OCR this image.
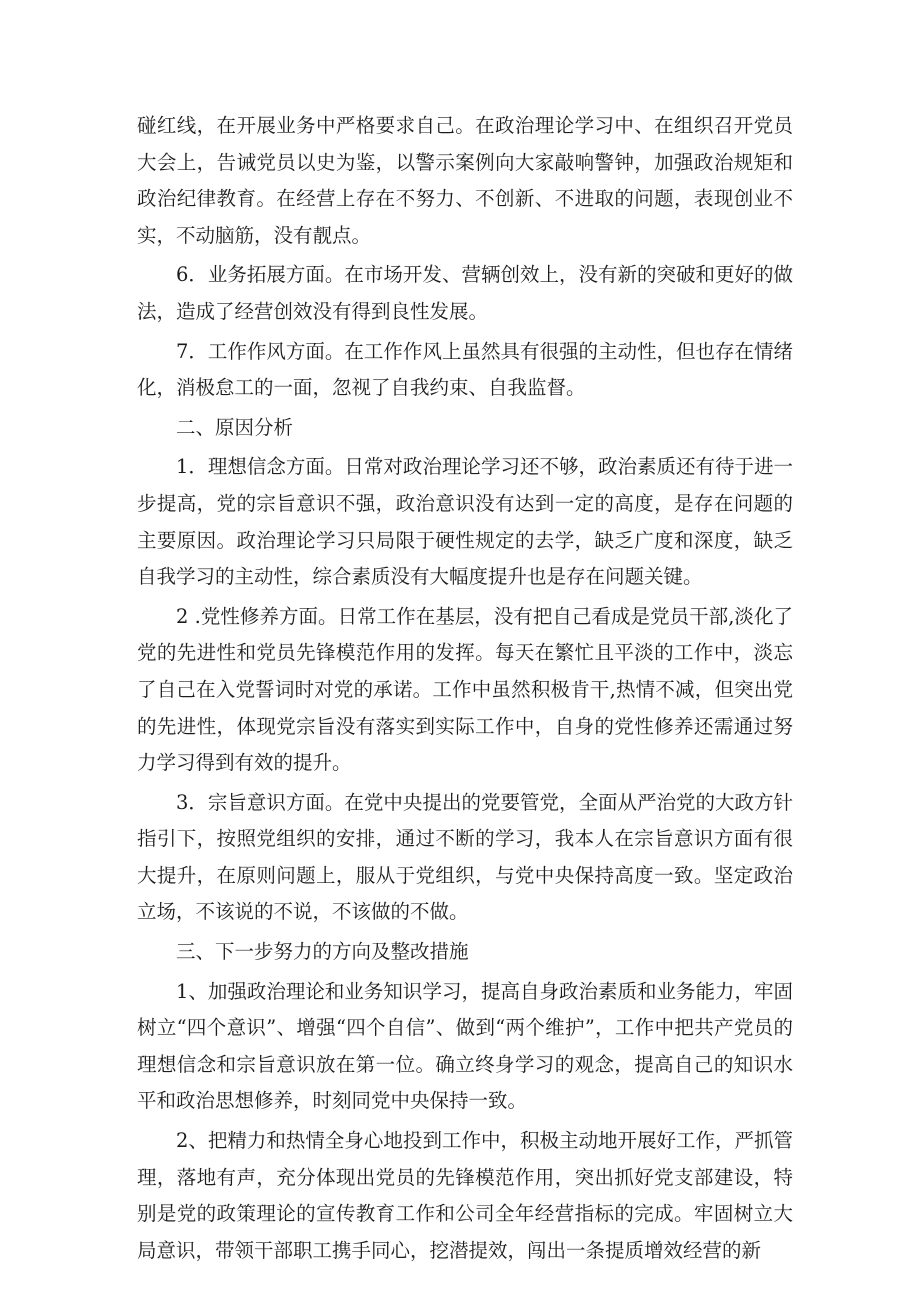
碰红线，在开展业务中严格要求自己。在政治理论学习中、在组织召开党员大会上，告诫党员以史为鉴，以警示案例向大家敲响警钟，加强政治规矩和政治纪律教育。在经营上存在不努力、不创新、不进取的问题，表现创业不实，不动脑筋，没有靓点。

6．业务拓展方面。在市场开发、营辆创效上，没有新的突破和更好的做法，造成了经营创效没有得到良性发展。

7．工作作风方面。在工作作风上虽然具有很强的主动性，但也存在情绪化，消极怠工的一面，忽视了自我约束、自我监督。

二、原因分析

1．理想信念方面。日常对政治理论学习还不够，政治素质还有待于进一步提高，党的宗旨意识不强，政治意识没有达到一定的高度，是存在问题的主要原因。政治理论学习只局限于硬性规定的去学，缺乏广度和深度，缺乏自我学习的主动性，综合素质没有大幅度提升也是存在问题关键。

2 .党性修养方面。日常工作在基层，没有把自己看成是党员干部,淡化了党的先进性和党员先锋模范作用的发挥。每天在繁忙且平淡的工作中，淡忘了自己在入党誓词时对党的承诺。工作中虽然积极肯干,热情不减，但突出党的先进性，体现党宗旨没有落实到实际工作中，自身的党性修养还需通过努力学习得到有效的提升。

3．宗旨意识方面。在党中央提出的党要管党，全面从严治党的大政方针指引下，按照党组织的安排，通过不断的学习，我本人在宗旨意识方面有很大提升，在原则问题上，服从于党组织，与党中央保持高度一致。坚定政治立场，不该说的不说，不该做的不做。

三、下一步努力的方向及整改措施

1、加强政治理论和业务知识学习，提高自身政治素质和业务能力，牢固树立“四个意识”、增强“四个自信”、做到“两个维护”，工作中把共产党员的理想信念和宗旨意识放在第一位。确立终身学习的观念，提高自己的知识水平和政治思想修养，时刻同党中央保持一致。

2、把精力和热情全身心地投到工作中，积极主动地开展好工作，严抓管理，落地有声，充分体现出党员的先锋模范作用，突出抓好党支部建设，特别是党的政策理论的宣传教育工作和公司全年经营指标的完成。牢固树立大局意识，带领干部职工携手同心，挖潜提效，闯出一条提质增效经营的新
